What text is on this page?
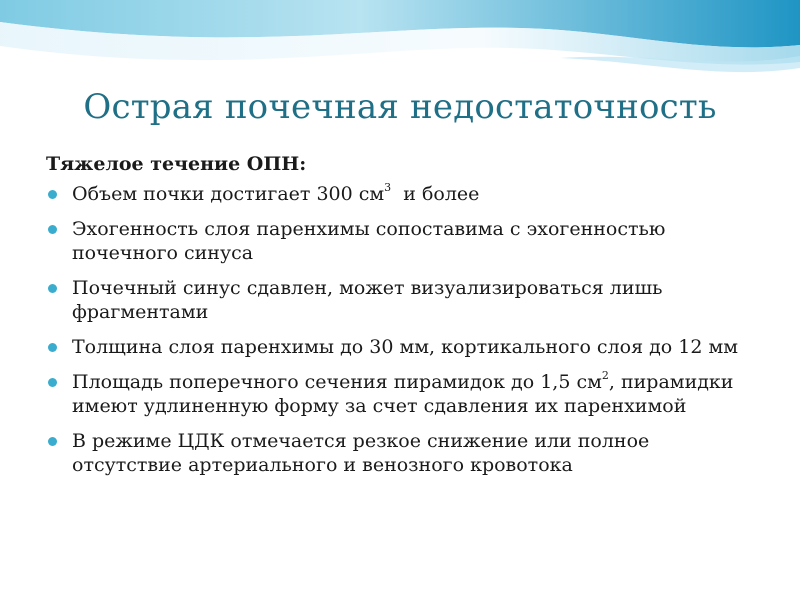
Острая почечная недостаточность
Тяжелое течение ОПН:
Объем почки достигает 300 $см^3$  и более
Эхогенность слоя паренхимы сопоставима с эхогенностью почечного синуса
Почечный синус сдавлен, может визуализироваться лишь фрагментами
Толщина слоя паренхимы до 30 мм, кортикального слоя до 12 мм
Площадь поперечного сечения пирамидок до 1,5 $см^2$, пирамидки имеют удлиненную форму за счет сдавления их паренхимой
В режиме ЦДК отмечается резкое снижение или полное отсутствие артериального и венозного кровотока
